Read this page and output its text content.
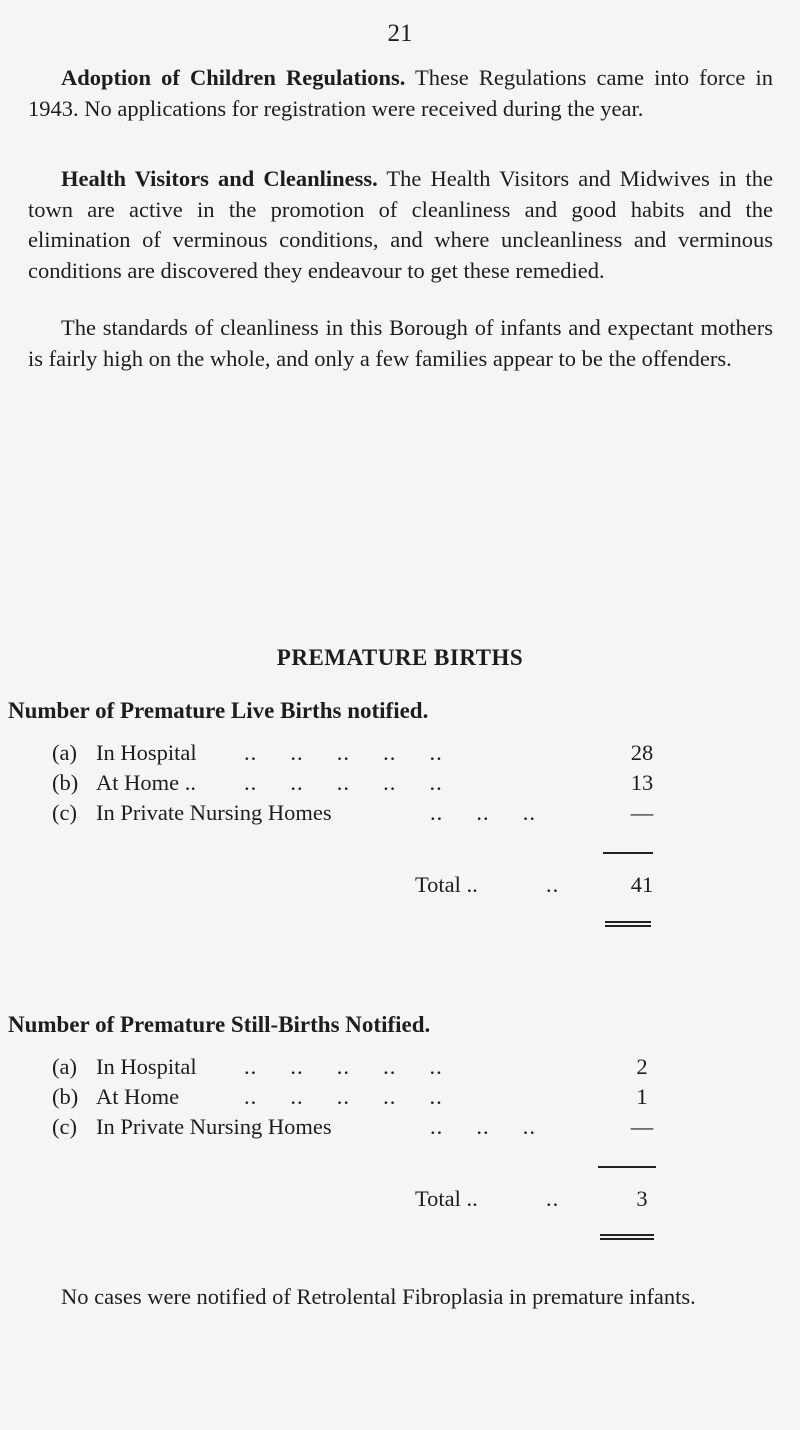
21

Adoption of Children Regulations. These Regulations came into force in 1943. No applications for registration were received during the year.

Health Visitors and Cleanliness. The Health Visitors and Midwives in the town are active in the promotion of cleanliness and good habits and the elimination of verminous conditions, and where uncleanliness and verminous conditions are discovered they endeavour to get these remedied.

The standards of cleanliness in this Borough of infants and expectant mothers is fairly high on the whole, and only a few families appear to be the offenders.

PREMATURE BIRTHS
Number of Premature Live Births notified.
(a) In Hospital ..     ..     ..     ..     ..	28
(b) At Home .. ..     ..     ..     ..     ..	13
(c) In Private Nursing Homes	..     ..     ..	—
Total ..	..	41
Number of Premature Still-Births Notified.
(a) In Hospital ..     ..     ..     ..     ..	2
(b) At Home	..     ..     ..     ..     ..	1
(c) In Private Nursing Homes	..     ..     ..	—
Total ..	..	3

No cases were notified of Retrolental Fibroplasia in premature infants.
